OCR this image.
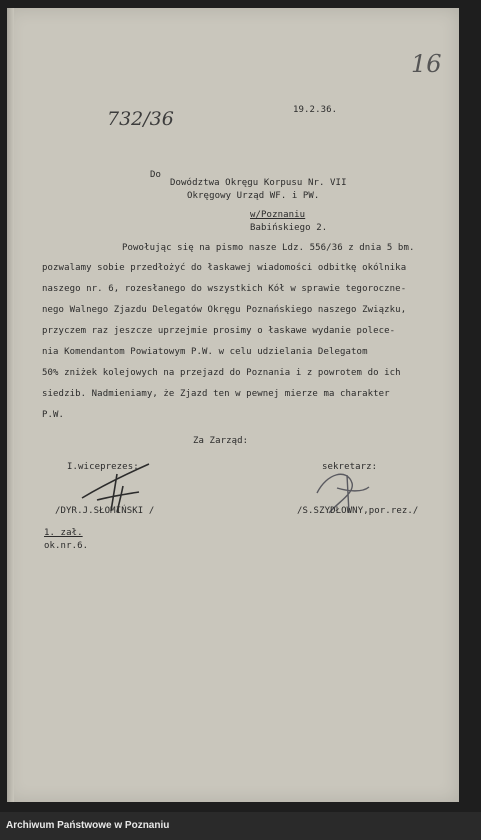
16
732/36	19.2.36.
Do
Dowództwa Okręgu Korpusu Nr. VII
Okręgowy Urząd WF. i PW.
w/Poznaniu
Babińskiego 2.
Powołując się na pismo nasze Ldz. 556/36 z dnia 5 bm.
pozwalamy sobie przedłożyć do łaskawej wiadomości odbitkę okólnika
naszego nr. 6, rozesłanego do wszystkich Kół w sprawie tegoroczne-
nego Walnego Zjazdu Delegatów Okręgu Poznańskiego naszego Związku,
przyczem raz jeszcze uprzejmie prosimy o łaskawe wydanie polece-
nia Komendantom Powiatowym P.W. w celu udzielania Delegatom
50% zniżek kolejowych na przejazd do Poznania i z powrotem do ich
siedzib. Nadmieniamy, że Zjazd ten w pewnej mierze ma charakter
P.W.
Za Zarząd:
I.wiceprezes:	sekretarz:
/DYR.J.SŁOMIŃSKI /	/S.SZYDŁOWNY,por.rez./
1. zał.
ok.nr.6.
Archiwum Państwowe w Poznaniu
